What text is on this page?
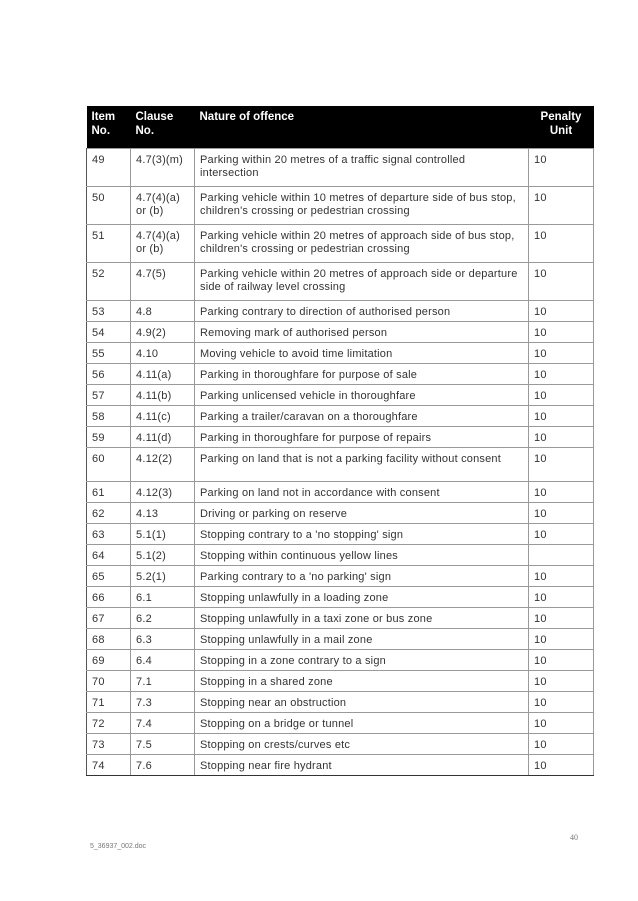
Item No.	Clause No.	Nature of offence	Penalty Unit
49	4.7(3)(m)	Parking within 20 metres of a traffic signal controlled intersection	10
50	4.7(4)(a) or (b)	Parking vehicle within 10 metres of departure side of bus stop, children's crossing or pedestrian crossing	10
51	4.7(4)(a) or (b)	Parking vehicle within 20 metres of approach side of bus stop, children's crossing or pedestrian crossing	10
52	4.7(5)	Parking vehicle within 20 metres of approach side or departure side of railway level crossing	10
53	4.8	Parking contrary to direction of authorised person	10
54	4.9(2)	Removing mark of authorised person	10
55	4.10	Moving vehicle to avoid time limitation	10
56	4.11(a)	Parking in thoroughfare for purpose of sale	10
57	4.11(b)	Parking unlicensed vehicle in thoroughfare	10
58	4.11(c)	Parking a trailer/caravan on a thoroughfare	10
59	4.11(d)	Parking in thoroughfare for purpose of repairs	10
60	4.12(2)	Parking on land that is not a parking facility without consent	10
61	4.12(3)	Parking on land not in accordance with consent	10
62	4.13	Driving or parking on reserve	10
63	5.1(1)	Stopping contrary to a 'no stopping' sign	10
64	5.1(2)	Stopping within continuous yellow lines	
65	5.2(1)	Parking contrary to a 'no parking' sign	10
66	6.1	Stopping unlawfully in a loading zone	10
67	6.2	Stopping unlawfully in a taxi zone or bus zone	10
68	6.3	Stopping unlawfully in a mail zone	10
69	6.4	Stopping in a zone contrary to a sign	10
70	7.1	Stopping in a shared zone	10
71	7.3	Stopping near an obstruction	10
72	7.4	Stopping on a bridge or tunnel	10
73	7.5	Stopping on crests/curves etc	10
74	7.6	Stopping near fire hydrant	10
40
5_36937_002.doc
